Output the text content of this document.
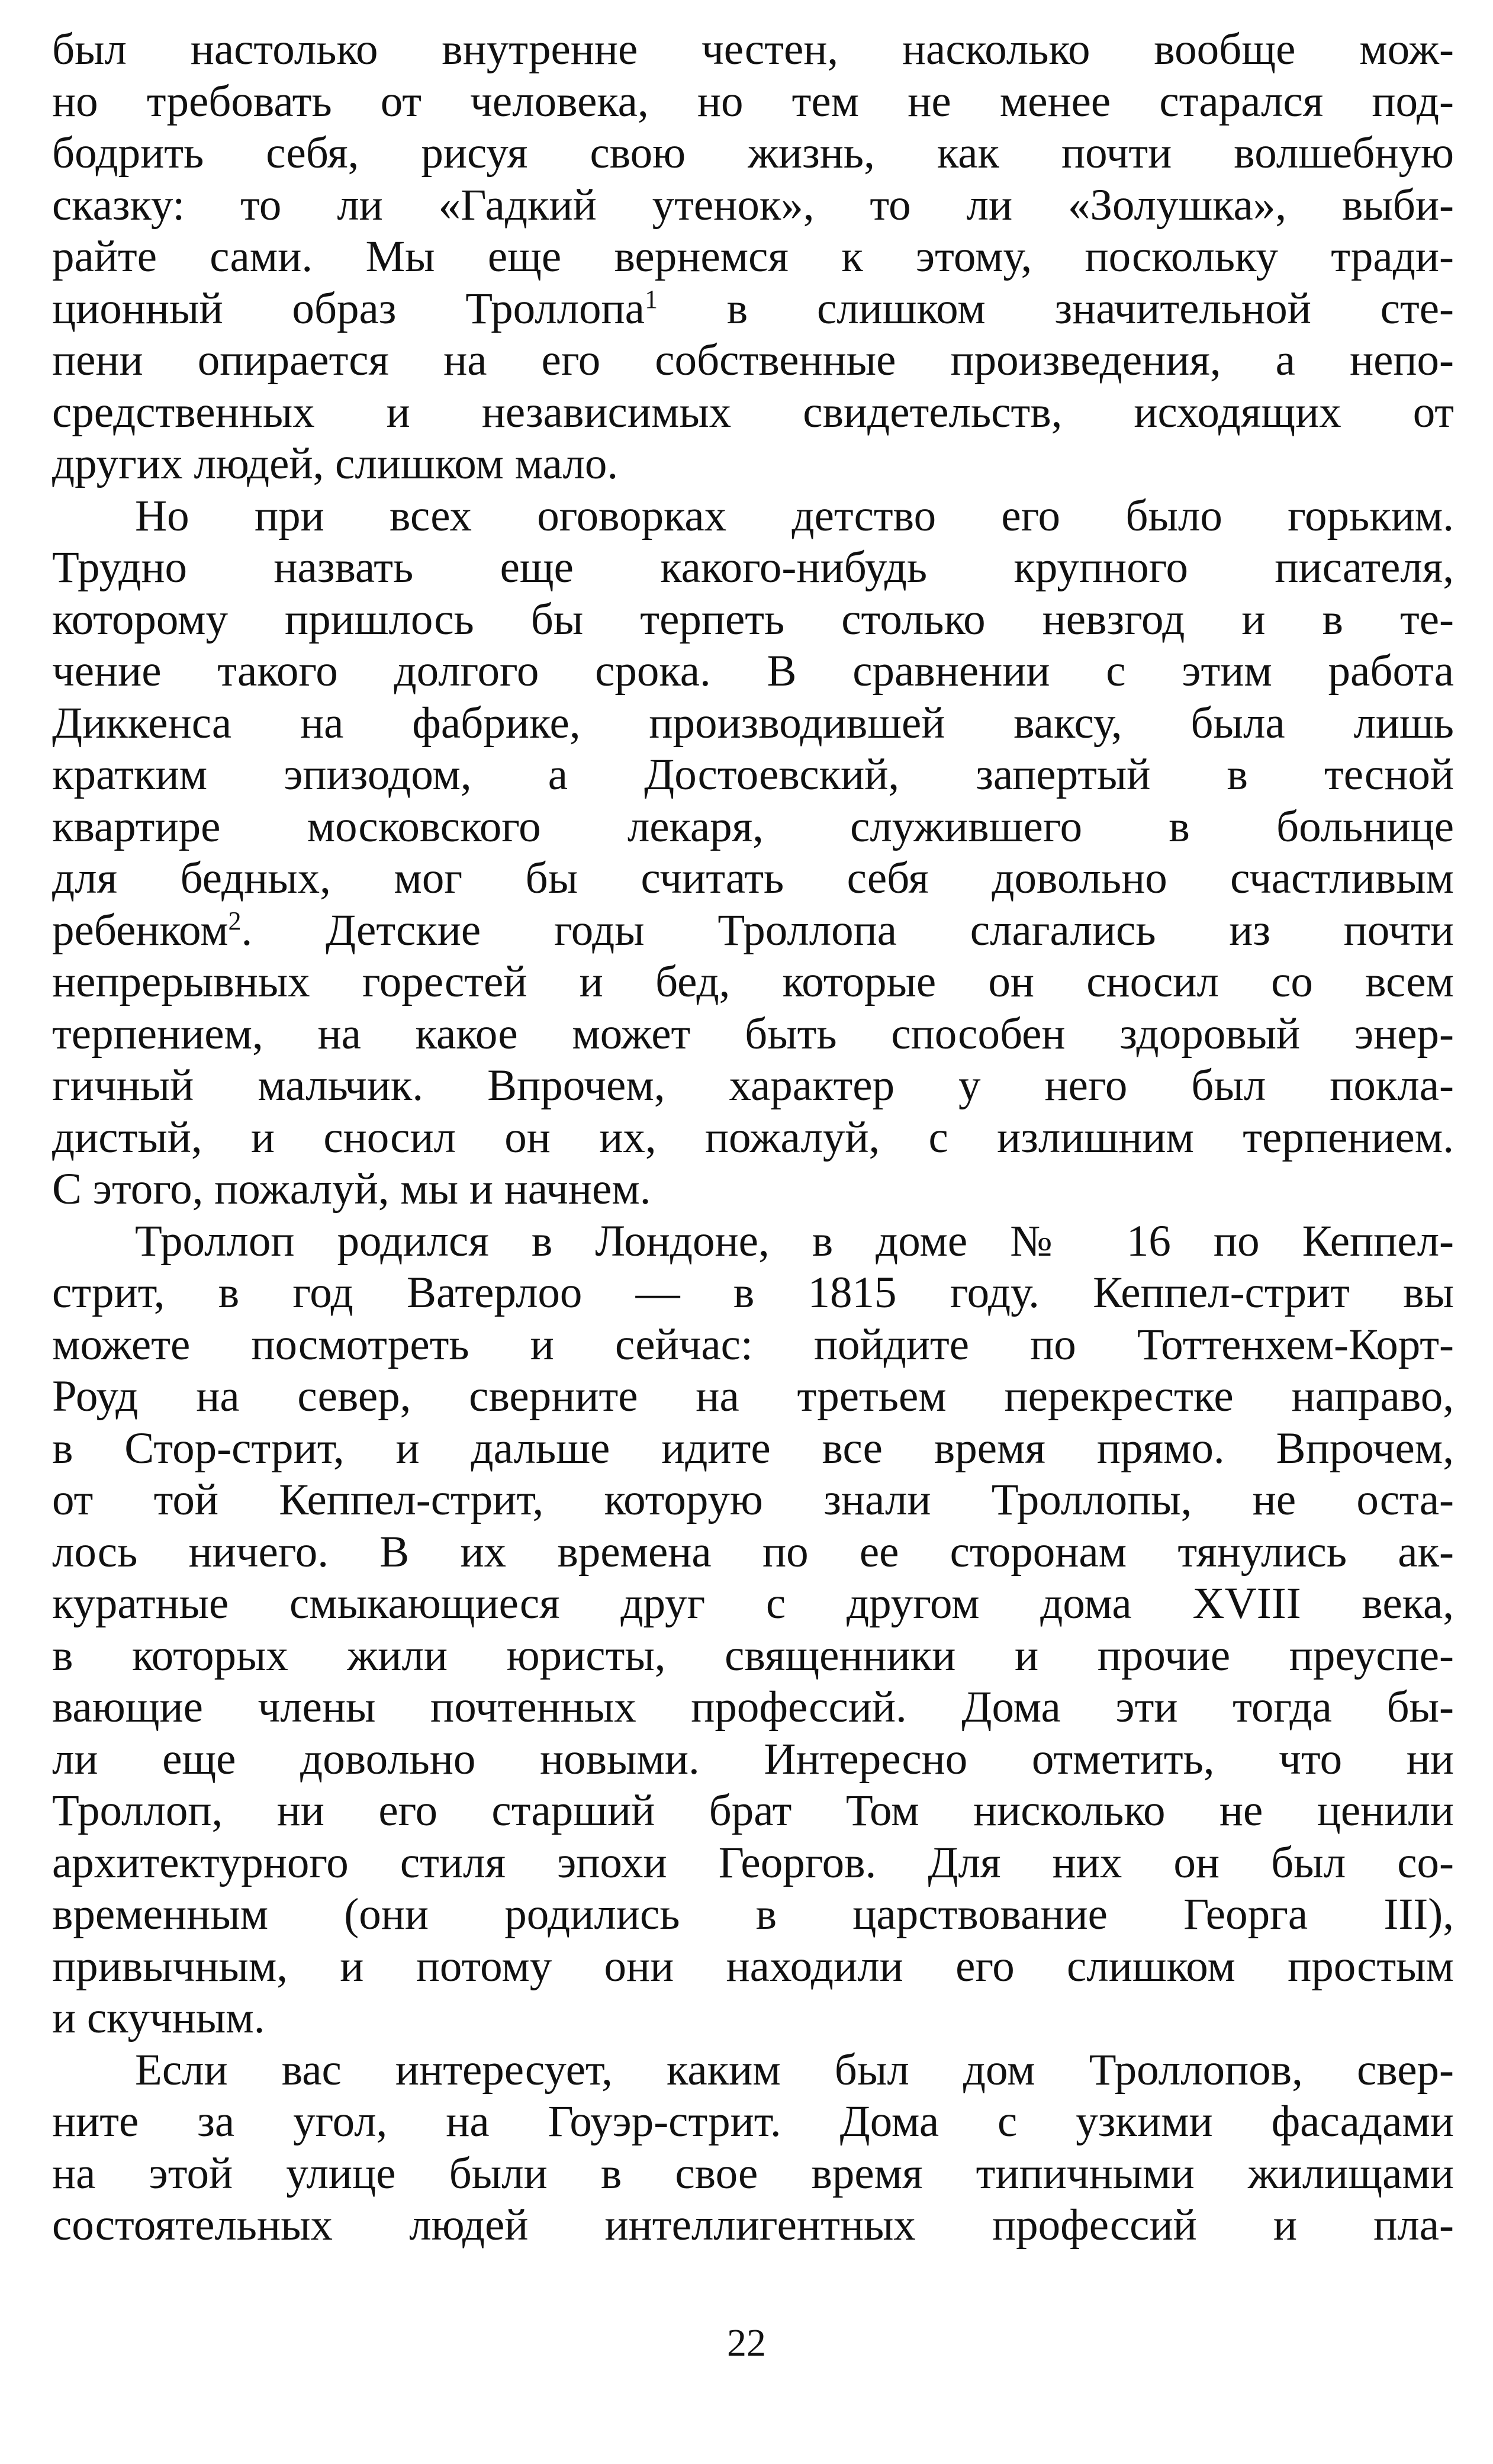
был настолько внутренне честен, насколько вообще мож-
но требовать от человека, но тем не менее старался под-
бодрить себя, рисуя свою жизнь, как почти волшебную
сказку: то ли «Гадкий утенок», то ли «Золушка», выби-
райте сами. Мы еще вернемся к этому, поскольку тради-
ционный образ Троллопа$^1$ в слишком значительной сте-
пени опирается на его собственные произведения, а непо-
средственных и независимых свидетельств, исходящих от
других людей, слишком мало.

Но при всех оговорках детство его было горьким.
Трудно назвать еще какого-нибудь крупного писателя,
которому пришлось бы терпеть столько невзгод и в те-
чение такого долгого срока. В сравнении с этим работа
Диккенса на фабрике, производившей ваксу, была лишь
кратким эпизодом, а Достоевский, запертый в тесной
квартире московского лекаря, служившего в больнице
для бедных, мог бы считать себя довольно счастливым
ребенком$^2$. Детские годы Троллопа слагались из почти
непрерывных горестей и бед, которые он сносил со всем
терпением, на какое может быть способен здоровый энер-
гичный мальчик. Впрочем, характер у него был покла-
дистый, и сносил он их, пожалуй, с излишним терпением.
С этого, пожалуй, мы и начнем.

Троллоп родился в Лондоне, в доме № 16 по Кеппел-
стрит, в год Ватерлоо — в 1815 году. Кеппел-стрит вы
можете посмотреть и сейчас: пойдите по Тоттенхем-Корт-
Роуд на север, сверните на третьем перекрестке направо,
в Стор-стрит, и дальше идите все время прямо. Впрочем,
от той Кеппел-стрит, которую знали Троллопы, не оста-
лось ничего. В их времена по ее сторонам тянулись ак-
куратные смыкающиеся друг с другом дома XVIII века,
в которых жили юристы, священники и прочие преуспе-
вающие члены почтенных профессий. Дома эти тогда бы-
ли еще довольно новыми. Интересно отметить, что ни
Троллоп, ни его старший брат Том нисколько не ценили
архитектурного стиля эпохи Георгов. Для них он был со-
временным (они родились в царствование Георга III),
привычным, и потому они находили его слишком простым
и скучным.

Если вас интересует, каким был дом Троллопов, свер-
ните за угол, на Гоуэр-стрит. Дома с узкими фасадами
на этой улице были в свое время типичными жилищами
состоятельных людей интеллигентных профессий и пла-

22
